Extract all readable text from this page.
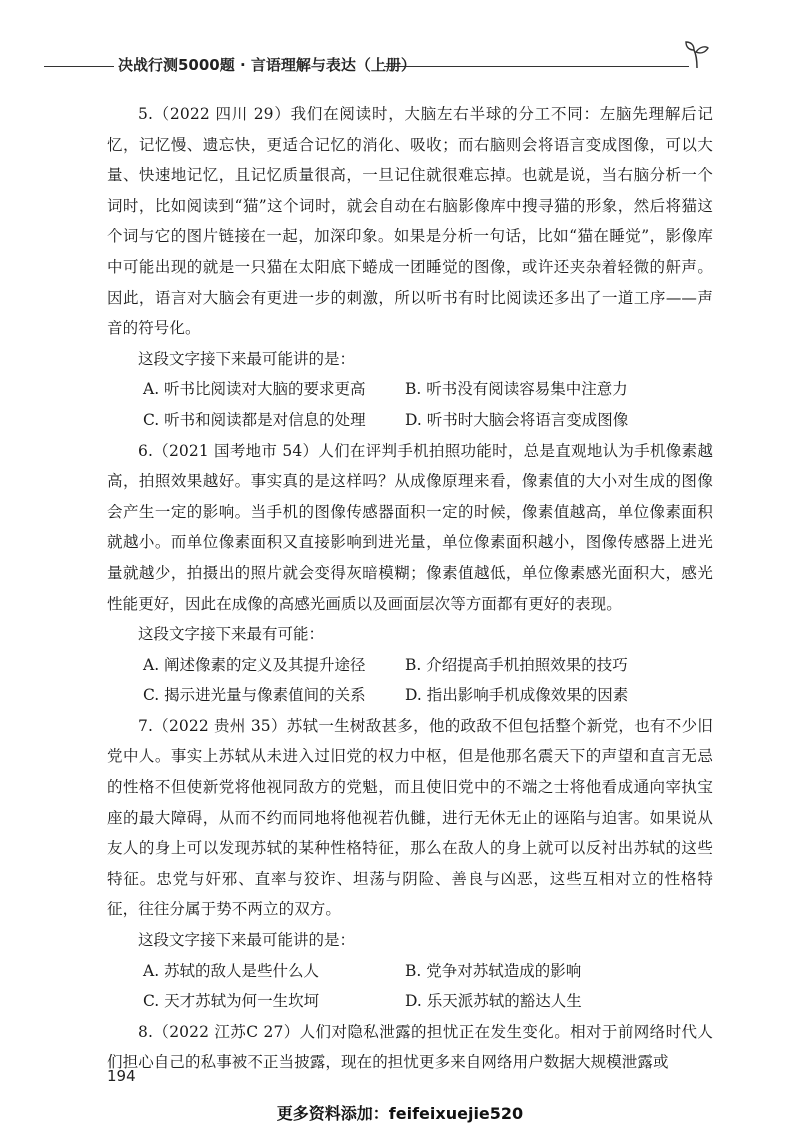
决战行测5000题 · 言语理解与表达（上册）

5.（2022 四川 29）我们在阅读时，大脑左右半球的分工不同：左脑先理解后记忆，记忆慢、遗忘快，更适合记忆的消化、吸收；而右脑则会将语言变成图像，可以大量、快速地记忆，且记忆质量很高，一旦记住就很难忘掉。也就是说，当右脑分析一个词时，比如阅读到“猫”这个词时，就会自动在右脑影像库中搜寻猫的形象，然后将猫这个词与它的图片链接在一起，加深印象。如果是分析一句话，比如“猫在睡觉”，影像库中可能出现的就是一只猫在太阳底下蜷成一团睡觉的图像，或许还夹杂着轻微的鼾声。因此，语言对大脑会有更进一步的刺激，所以听书有时比阅读还多出了一道工序——声音的符号化。

这段文字接下来最可能讲的是：

A. 听书比阅读对大脑的要求更高	B. 听书没有阅读容易集中注意力
C. 听书和阅读都是对信息的处理	D. 听书时大脑会将语言变成图像

6.（2021 国考地市 54）人们在评判手机拍照功能时，总是直观地认为手机像素越高，拍照效果越好。事实真的是这样吗？从成像原理来看，像素值的大小对生成的图像会产生一定的影响。当手机的图像传感器面积一定的时候，像素值越高，单位像素面积就越小。而单位像素面积又直接影响到进光量，单位像素面积越小，图像传感器上进光量就越少，拍摄出的照片就会变得灰暗模糊；像素值越低，单位像素感光面积大，感光性能更好，因此在成像的高感光画质以及画面层次等方面都有更好的表现。

这段文字接下来最有可能：

A. 阐述像素的定义及其提升途径	B. 介绍提高手机拍照效果的技巧
C. 揭示进光量与像素值间的关系	D. 指出影响手机成像效果的因素

7.（2022 贵州 35）苏轼一生树敌甚多，他的政敌不但包括整个新党，也有不少旧党中人。事实上苏轼从未进入过旧党的权力中枢，但是他那名震天下的声望和直言无忌的性格不但使新党将他视同敌方的党魁，而且使旧党中的不端之士将他看成通向宰执宝座的最大障碍，从而不约而同地将他视若仇雠，进行无休无止的诬陷与迫害。如果说从友人的身上可以发现苏轼的某种性格特征，那么在敌人的身上就可以反衬出苏轼的这些特征。忠党与奸邪、直率与狡诈、坦荡与阴险、善良与凶恶，这些互相对立的性格特征，往往分属于势不两立的双方。

这段文字接下来最可能讲的是：

A. 苏轼的敌人是些什么人	B. 党争对苏轼造成的影响
C. 天才苏轼为何一生坎坷	D. 乐天派苏轼的豁达人生

8.（2022 江苏C 27）人们对隐私泄露的担忧正在发生变化。相对于前网络时代人们担心自己的私事被不正当披露，现在的担忧更多来自网络用户数据大规模泄露或

194
更多资料添加：feifeixuejie520
